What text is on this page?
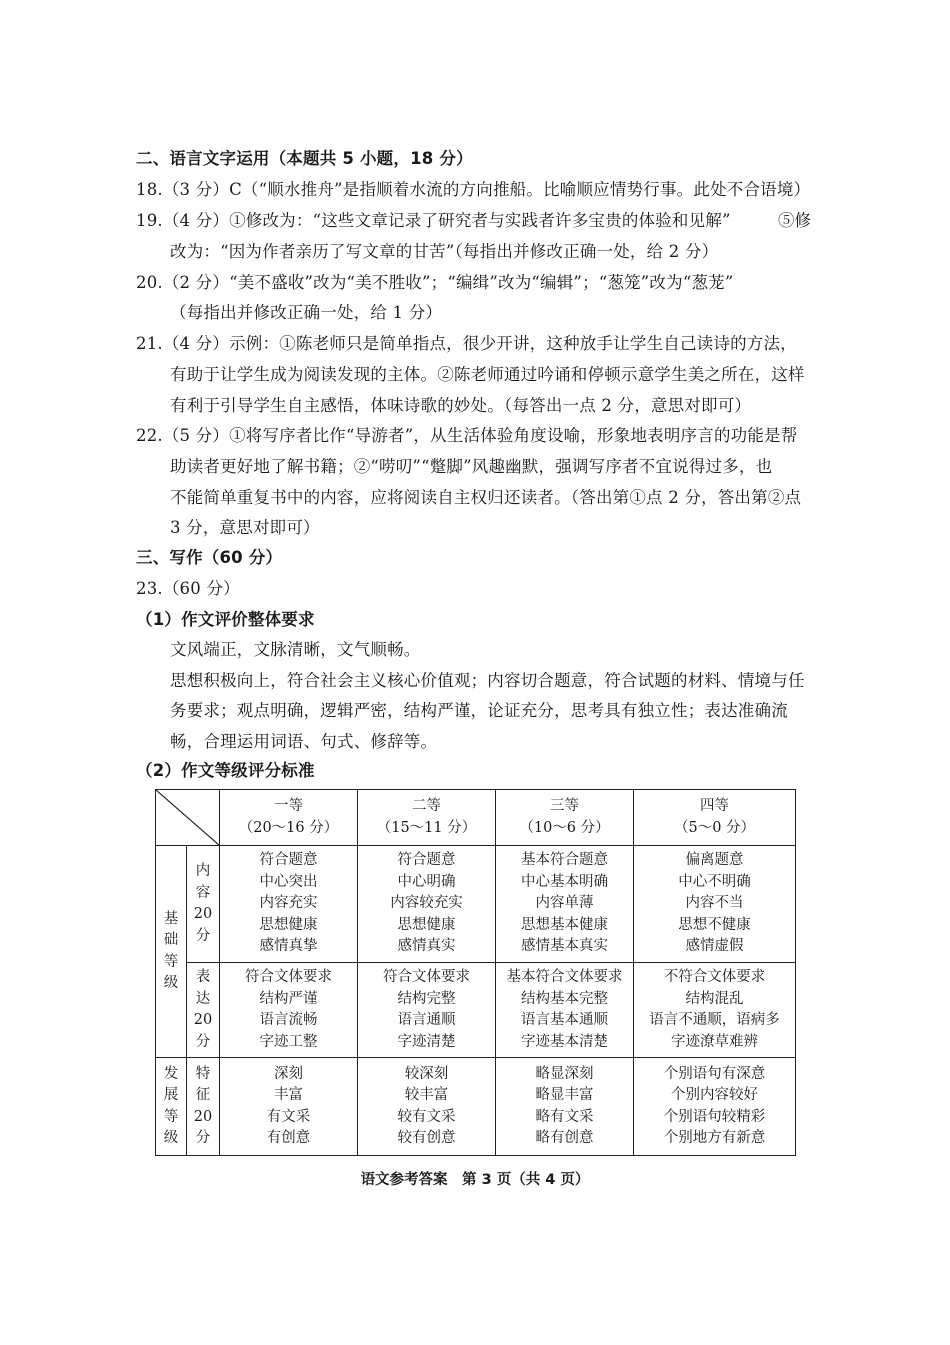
二、语言文字运用（本题共 5 小题，18 分）
18.（3 分）C（“顺水推舟”是指顺着水流的方向推船。比喻顺应情势行事。此处不合语境）
19.（4 分）①修改为：“这些文章记录了研究者与实践者许多宝贵的体验和见解”	⑤修
改为：“因为作者亲历了写文章的甘苦”（每指出并修改正确一处，给 2 分）
20.（2 分）“美不盛收”改为“美不胜收”；“编缉”改为“编辑”；“葱笼”改为“葱茏”
（每指出并修改正确一处，给 1 分）
21.（4 分）示例：①陈老师只是简单指点，很少开讲，这种放手让学生自己读诗的方法，
有助于让学生成为阅读发现的主体。②陈老师通过吟诵和停顿示意学生美之所在，这样
有利于引导学生自主感悟，体味诗歌的妙处。（每答出一点 2 分，意思对即可）
22.（5 分）①将写序者比作“导游者”，从生活体验角度设喻，形象地表明序言的功能是帮
助读者更好地了解书籍；②“唠叨”“蹩脚”风趣幽默，强调写序者不宜说得过多，也
不能简单重复书中的内容，应将阅读自主权归还读者。（答出第①点 2 分，答出第②点
3 分，意思对即可）
三、写作（60 分）
23.（60 分）
（1）作文评价整体要求
文风端正，文脉清晰，文气顺畅。
思想积极向上，符合社会主义核心价值观；内容切合题意，符合试题的材料、情境与任
务要求；观点明确，逻辑严密，结构严谨，论证充分，思考具有独立性；表达准确流
畅，合理运用词语、句式、修辞等。
（2）作文等级评分标准

一等
（20～16 分）	二等
（15～11 分）	三等
（10～6 分）	四等
（5～0 分）

基
础
等
级	内
容
20
分	符合题意
中心突出
内容充实
思想健康
感情真挚	符合题意
中心明确
内容较充实
思想健康
感情真实	基本符合题意
中心基本明确
内容单薄
思想基本健康
感情基本真实	偏离题意
中心不明确
内容不当
思想不健康
感情虚假

	表
达
20
分	符合文体要求
结构严谨
语言流畅
字迹工整	符合文体要求
结构完整
语言通顺
字迹清楚	基本符合文体要求
结构基本完整
语言基本通顺
字迹基本清楚	不符合文体要求
结构混乱
语言不通顺，语病多
字迹潦草难辨

发
展
等
级	特
征
20
分	深刻
丰富
有文采
有创意	较深刻
较丰富
较有文采
较有创意	略显深刻
略显丰富
略有文采
略有创意	个别语句有深意
个别内容较好
个别语句较精彩
个别地方有新意
语文参考答案　第 3 页（共 4 页）
